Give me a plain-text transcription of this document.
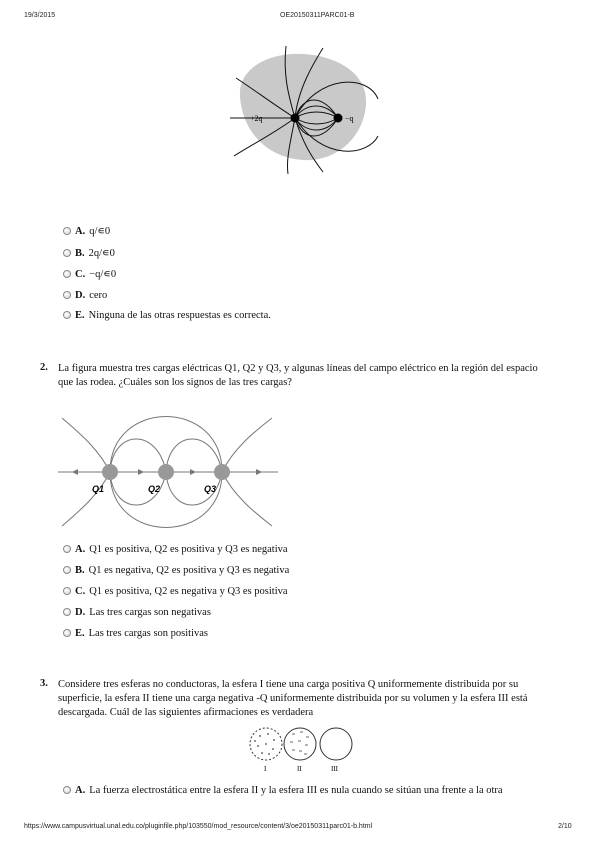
19/3/2015	OE20150311PARC01-B
+2q	−q
A. q/∊0
B. 2q/∊0
C. −q/∊0
D. cero
E. Ninguna de las otras respuestas es correcta.
2. La figura muestra tres cargas eléctricas Q1, Q2 y Q3, y algunas líneas del campo eléctrico en la región del espacio que las rodea. ¿Cuáles son los signos de las tres cargas?
Q1	Q2	Q3
A. Q1 es positiva, Q2 es positiva y Q3 es negativa
B. Q1 es negativa, Q2 es positiva y Q3 es negativa
C. Q1 es positiva, Q2 es negativa y Q3 es positiva
D. Las tres cargas son negativas
E. Las tres cargas son positivas
3. Considere tres esferas no conductoras, la esfera I tiene una carga positiva Q uniformemente distribuida por su superficie, la esfera II tiene una carga negativa -Q uniformemente distribuida por su volumen y la esfera III está descargada. Cuál de las siguientes afirmaciones es verdadera
I	II	III
A. La fuerza electrostática entre la esfera II y la esfera III es nula cuando se sitúan una frente a la otra
https://www.campusvirtual.unal.edu.co/pluginfile.php/103550/mod_resource/content/3/oe20150311parc01-b.html	2/10
